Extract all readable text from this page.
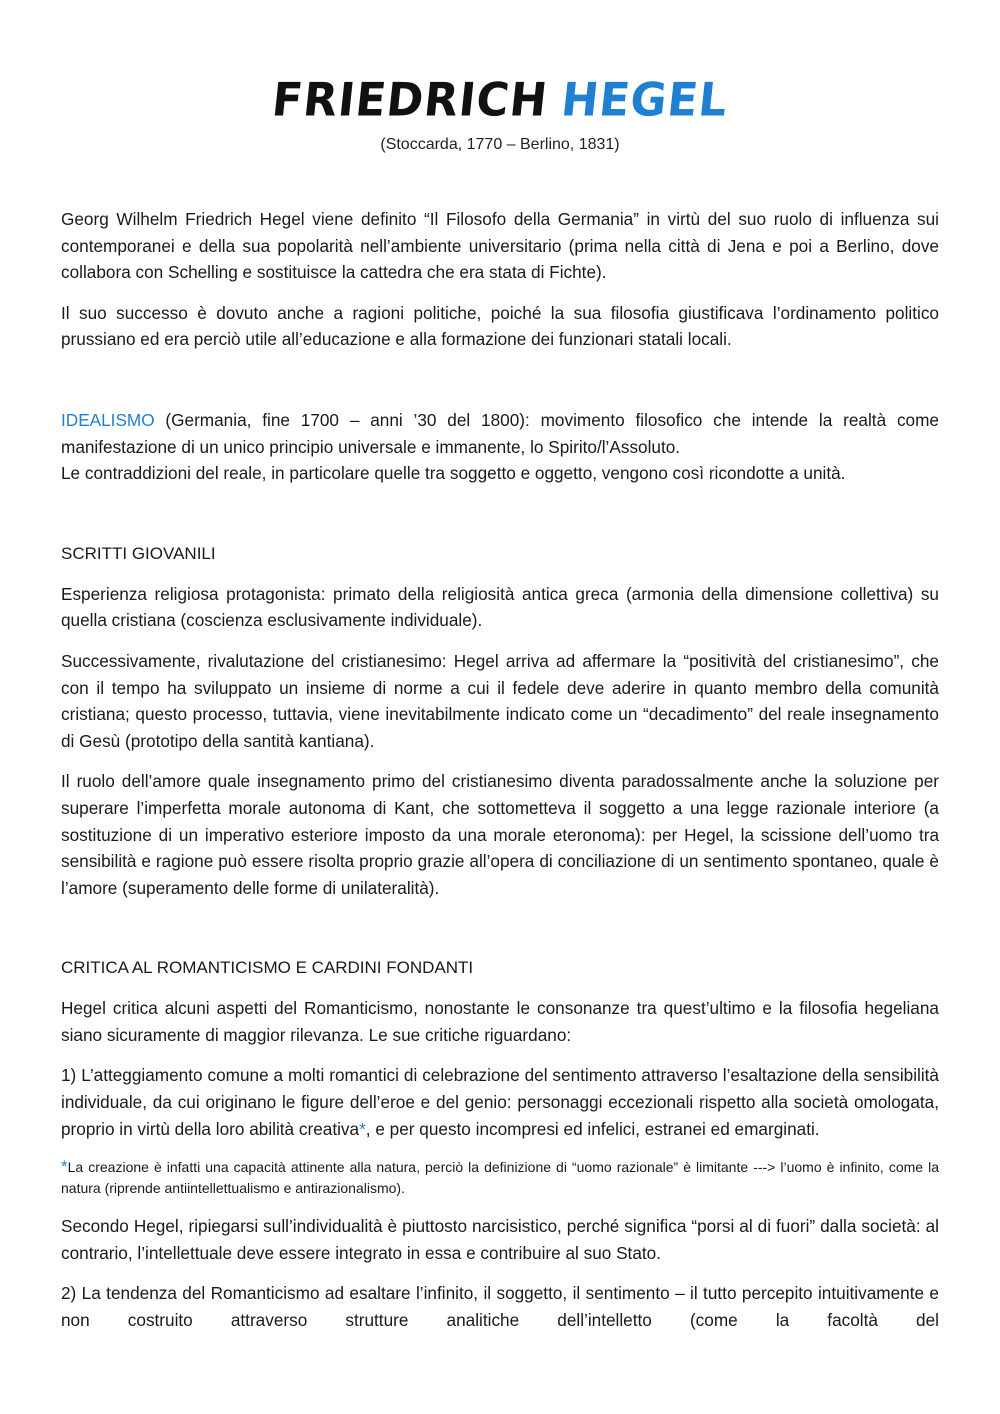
FRIEDRICH HEGEL
(Stoccarda, 1770 – Berlino, 1831)

Georg Wilhelm Friedrich Hegel viene definito “Il Filosofo della Germania” in virtù del suo ruolo di influenza sui contemporanei e della sua popolarità nell’ambiente universitario (prima nella città di Jena e poi a Berlino, dove collabora con Schelling e sostituisce la cattedra che era stata di Fichte).

Il suo successo è dovuto anche a ragioni politiche, poiché la sua filosofia giustificava l’ordinamento politico prussiano ed era perciò utile all’educazione e alla formazione dei funzionari statali locali.

IDEALISMO (Germania, fine 1700 – anni ’30 del 1800): movimento filosofico che intende la realtà come manifestazione di un unico principio universale e immanente, lo Spirito/l’Assoluto.
Le contraddizioni del reale, in particolare quelle tra soggetto e oggetto, vengono così ricondotte a unità.

SCRITTI GIOVANILI

Esperienza religiosa protagonista: primato della religiosità antica greca (armonia della dimensione collettiva) su quella cristiana (coscienza esclusivamente individuale).

Successivamente, rivalutazione del cristianesimo: Hegel arriva ad affermare la “positività del cristianesimo”, che con il tempo ha sviluppato un insieme di norme a cui il fedele deve aderire in quanto membro della comunità cristiana; questo processo, tuttavia, viene inevitabilmente indicato come un “decadimento” del reale insegnamento di Gesù (prototipo della santità kantiana).

Il ruolo dell’amore quale insegnamento primo del cristianesimo diventa paradossalmente anche la soluzione per superare l’imperfetta morale autonoma di Kant, che sottometteva il soggetto a una legge razionale interiore (a sostituzione di un imperativo esteriore imposto da una morale eteronoma): per Hegel, la scissione dell’uomo tra sensibilità e ragione può essere risolta proprio grazie all’opera di conciliazione di un sentimento spontaneo, quale è l’amore (superamento delle forme di unilateralità).

CRITICA AL ROMANTICISMO E CARDINI FONDANTI

Hegel critica alcuni aspetti del Romanticismo, nonostante le consonanze tra quest’ultimo e la filosofia hegeliana siano sicuramente di maggior rilevanza. Le sue critiche riguardano:

1) L’atteggiamento comune a molti romantici di celebrazione del sentimento attraverso l’esaltazione della sensibilità individuale, da cui originano le figure dell’eroe e del genio: personaggi eccezionali rispetto alla società omologata, proprio in virtù della loro abilità creativa*, e per questo incompresi ed infelici, estranei ed emarginati.

*La creazione è infatti una capacità attinente alla natura, perciò la definizione di “uomo razionale” è limitante ---> l’uomo è infinito, come la natura (riprende antiintellettualismo e antirazionalismo).

Secondo Hegel, ripiegarsi sull’individualità è piuttosto narcisistico, perché significa “porsi al di fuori” dalla società: al contrario, l’intellettuale deve essere integrato in essa e contribuire al suo Stato.

2) La tendenza del Romanticismo ad esaltare l’infinito, il soggetto, il sentimento – il tutto percepito intuitivamente e non costruito attraverso strutture analitiche dell’intelletto (come la facoltà del
